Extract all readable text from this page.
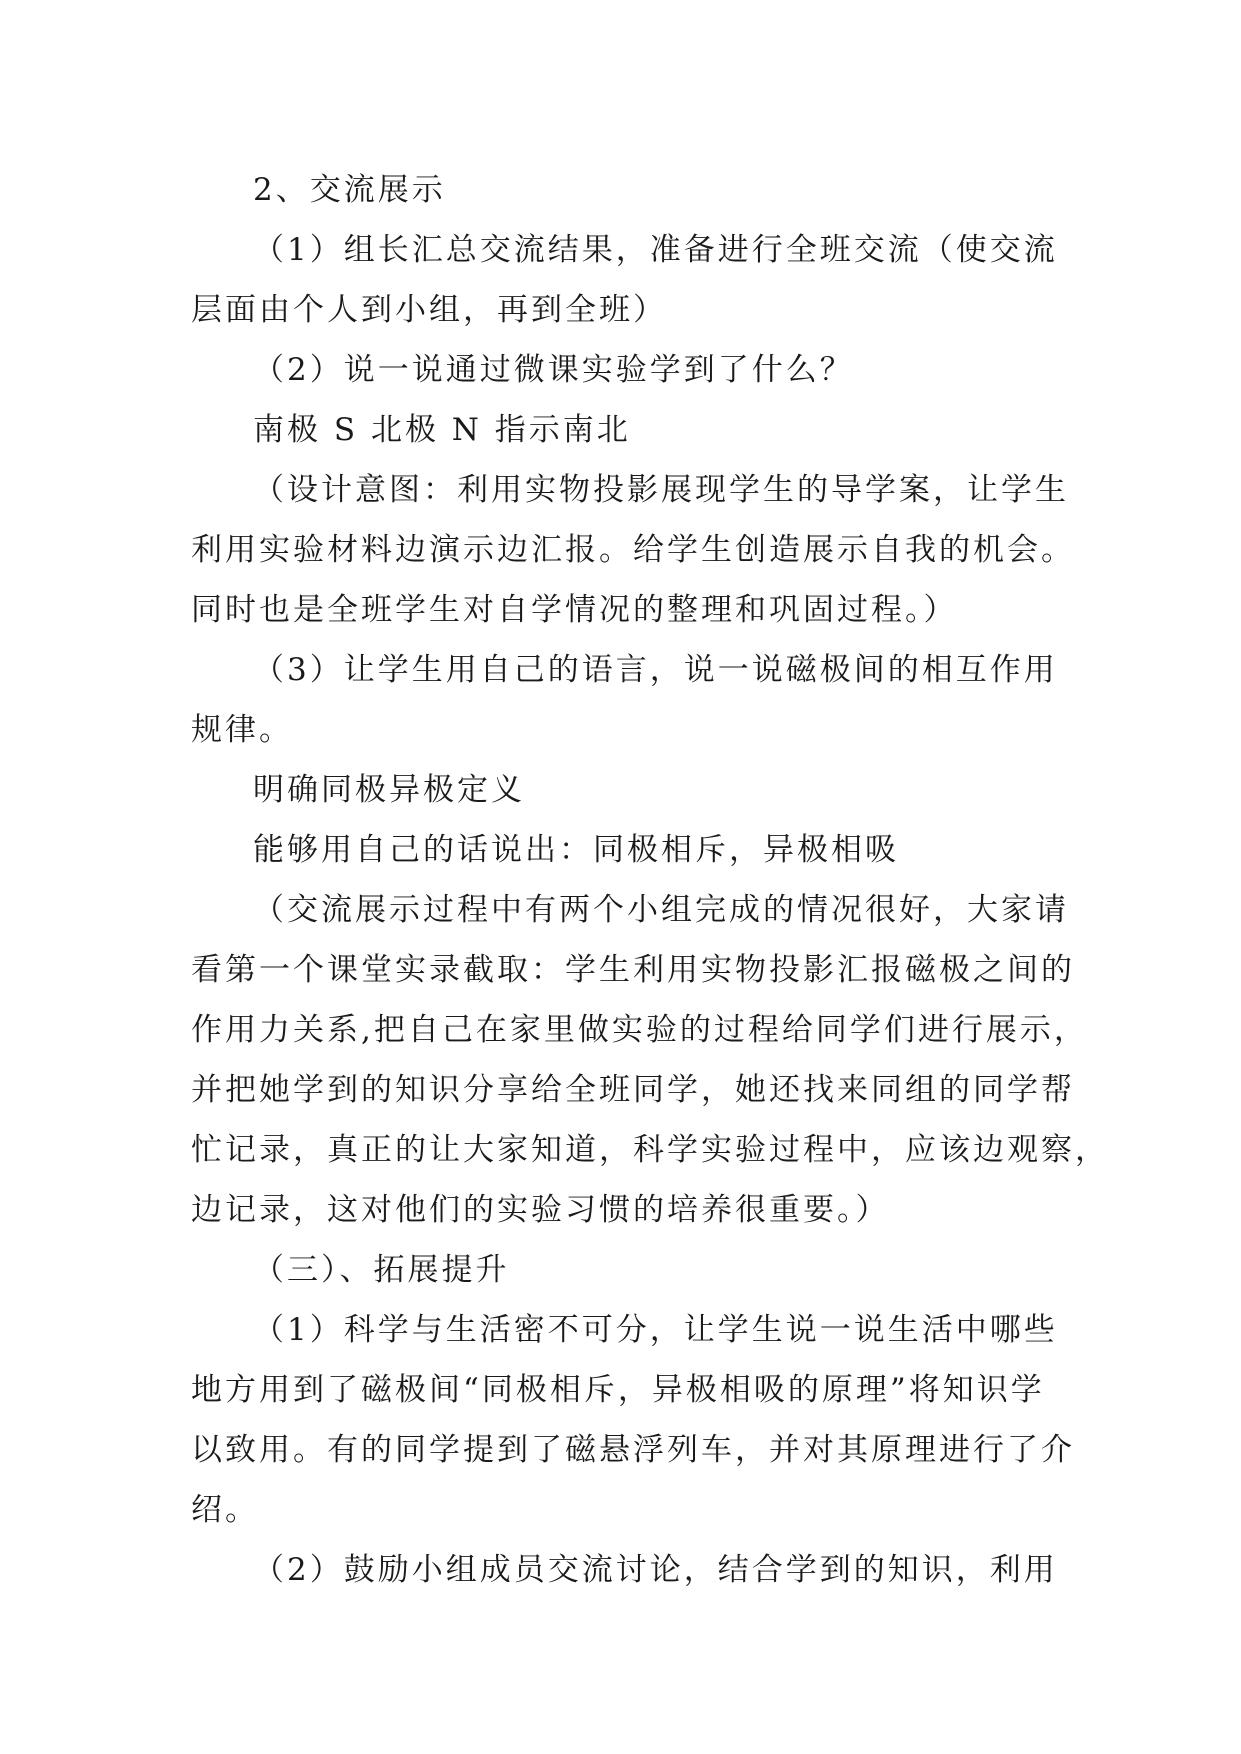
2、交流展示
（1）组长汇总交流结果，准备进行全班交流（使交流
层面由个人到小组，再到全班）
（2）说一说通过微课实验学到了什么？
南极 S 北极 N 指示南北
（设计意图：利用实物投影展现学生的导学案，让学生
利用实验材料边演示边汇报。给学生创造展示自我的机会。
同时也是全班学生对自学情况的整理和巩固过程。）
（3）让学生用自己的语言，说一说磁极间的相互作用
规律。
明确同极异极定义
能够用自己的话说出：同极相斥，异极相吸
（交流展示过程中有两个小组完成的情况很好，大家请
看第一个课堂实录截取：学生利用实物投影汇报磁极之间的
作用力关系,把自己在家里做实验的过程给同学们进行展示，
并把她学到的知识分享给全班同学，她还找来同组的同学帮
忙记录，真正的让大家知道，科学实验过程中，应该边观察，
边记录，这对他们的实验习惯的培养很重要。）
（三）、拓展提升
（1）科学与生活密不可分，让学生说一说生活中哪些
地方用到了磁极间“同极相斥，异极相吸的原理”将知识学
以致用。有的同学提到了磁悬浮列车，并对其原理进行了介
绍。
（2）鼓励小组成员交流讨论，结合学到的知识，利用
